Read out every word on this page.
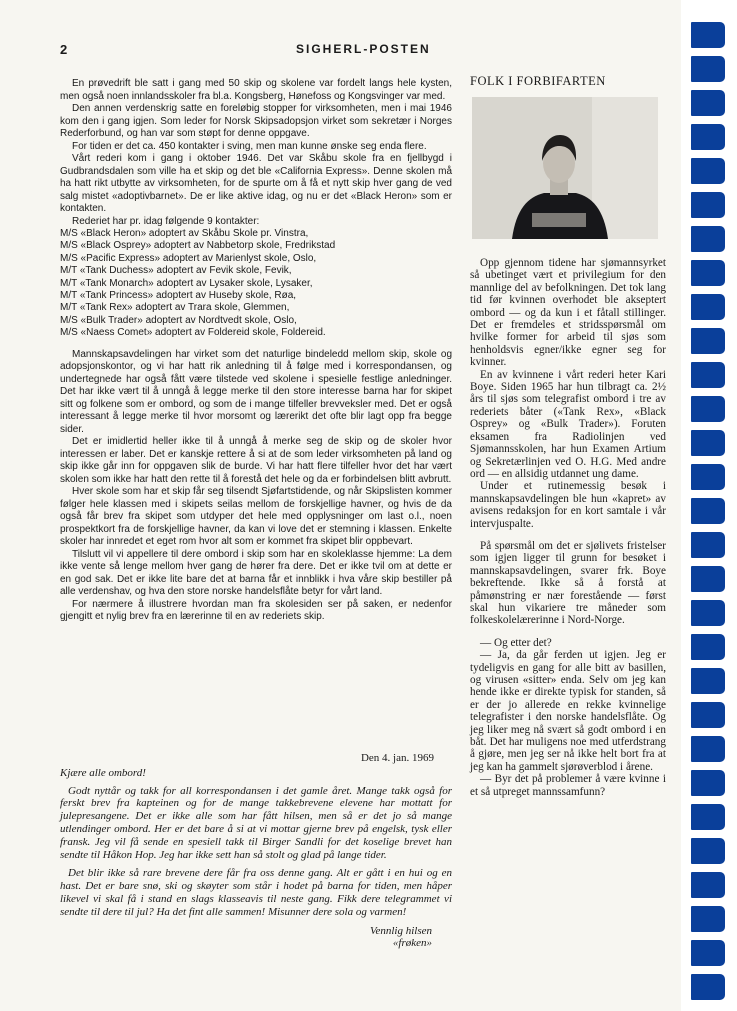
2	SIGHERL-POSTEN

En prøvedrift ble satt i gang med 50 skip og skolene var fordelt langs hele kysten, men også noen innlandsskoler fra bl.a. Kongsberg, Hønefoss og Kongsvinger var med.

Den annen verdenskrig satte en foreløbig stopper for virksomheten, men i mai 1946 kom den i gang igjen. Som leder for Norsk Skipsadopsjon virket som sekretær i Norges Rederforbund, og han var som støpt for denne oppgave.

For tiden er det ca. 450 kontakter i sving, men man kunne ønske seg enda flere.

Vårt rederi kom i gang i oktober 1946. Det var Skåbu skole fra en fjellbygd i Gudbrandsdalen som ville ha et skip og det ble «California Express». Denne skolen må ha hatt rikt utbytte av virksomheten, for de spurte om å få et nytt skip hver gang de ved salg mistet «adoptivbarnet». De er like aktive idag, og nu er det «Black Heron» som er kontakten.

Rederiet har pr. idag følgende 9 kontakter:

M/S «Black Heron» adoptert av Skåbu Skole pr. Vinstra,
M/S «Black Osprey» adoptert av Nabbetorp skole, Fredrikstad
M/S «Pacific Express» adoptert av Marienlyst skole, Oslo,
M/T «Tank Duchess» adoptert av Fevik skole, Fevik,
M/T «Tank Monarch» adoptert av Lysaker skole, Lysaker,
M/T «Tank Princess» adoptert av Huseby skole, Røa,
M/T «Tank Rex» adoptert av Trara skole, Glemmen,
M/S «Bulk Trader» adoptert av Nordtvedt skole, Oslo,
M/S «Naess Comet» adoptert av Foldereid skole, Foldereid.

Mannskapsavdelingen har virket som det naturlige bindeledd mellom skip, skole og adopsjonskontor, og vi har hatt rik anledning til å følge med i korrespondansen, og undertegnede har også fått være tilstede ved skolene i spesielle festlige anledninger. Det har ikke vært til å unngå å legge merke til den store interesse barna har for skipet sitt og folkene som er ombord, og som de i mange tilfeller brevveksler med. Det er også interessant å legge merke til hvor morsomt og lærerikt det ofte blir lagt opp fra begge sider.

Det er imidlertid heller ikke til å unngå å merke seg de skip og de skoler hvor interessen er laber. Det er kanskje rettere å si at de som leder virksomheten på land og skip ikke går inn for oppgaven slik de burde. Vi har hatt flere tilfeller hvor det har vært skolen som ikke har hatt den rette til å forestå det hele og da er forbindelsen blitt avbrutt.

Hver skole som har et skip får seg tilsendt Sjøfartstidende, og når Skipslisten kommer følger hele klassen med i skipets seilas mellom de forskjellige havner, og hvis de da også får brev fra skipet som utdyper det hele med opplysninger om last o.l., noen prospektkort fra de forskjellige havner, da kan vi love det er stemning i klassen. Enkelte skoler har innredet et eget rom hvor alt som er kommet fra skipet blir oppbevart.

Tilslutt vil vi appellere til dere ombord i skip som har en skoleklasse hjemme: La dem ikke vente så lenge mellom hver gang de hører fra dere. Det er ikke tvil om at dette er en god sak. Det er ikke lite bare det at barna får et innblikk i hva våre skip bestiller på alle verdenshav, og hva den store norske handelsflåte betyr for vårt land.

For nærmere å illustrere hvordan man fra skolesiden ser på saken, er nedenfor gjengitt et nylig brev fra en lærerinne til en av rederiets skip.

Den 4. jan. 1969
Kjære alle ombord!

Godt nyttår og takk for all korrespondansen i det gamle året. Mange takk også for ferskt brev fra kapteinen og for de mange takkebrevene elevene har mottatt for julepresangene. Det er ikke alle som har fått hilsen, men så er det jo så mange utlendinger ombord. Her er det bare å si at vi mottar gjerne brev på engelsk, tysk eller fransk. Jeg vil få sende en spesiell takk til Birger Sandli for det koselige brevet han sendte til Håkon Hop. Jeg har ikke sett han så stolt og glad på lange tider.

Det blir ikke så rare brevene dere får fra oss denne gang. Alt er gått i en hui og en hast. Det er bare snø, ski og skøyter som står i hodet på barna for tiden, men håper likevel vi skal få i stand en slags klasseavis til neste gang. Fikk dere telegrammet vi sendte til dere til jul? Ha det fint alle sammen! Misunner dere sola og varmen!

Vennlig hilsen
«frøken»
FOLK I FORBIFARTEN

Opp gjennom tidene har sjømannsyrket så ubetinget vært et privilegium for den mannlige del av befolkningen. Det tok lang tid før kvinnen overhodet ble akseptert ombord — og da kun i et fåtall stillinger. Det er fremdeles et stridsspørsmål om hvilke former for arbeid til sjøs som henholdsvis egner/ikke egner seg for kvinner.

En av kvinnene i vårt rederi heter Kari Boye. Siden 1965 har hun tilbragt ca. 2½ års til sjøs som telegrafist ombord i tre av rederiets båter («Tank Rex», «Black Osprey» og «Bulk Trader»). Foruten eksamen fra Radiolinjen ved Sjømannsskolen, har hun Examen Artium og Sekretærlinjen ved O. H.G. Med andre ord — en allsidig utdannet ung dame.

Under et rutinemessig besøk i mannskapsavdelingen ble hun «kapret» av avisens redaksjon for en kort samtale i vår intervjuspalte.

På spørsmål om det er sjølivets fristelser som igjen ligger til grunn for besøket i mannskapsavdelingen, svarer frk. Boye bekreftende. Ikke så å forstå at påmønstring er nær forestående — først skal hun vikariere tre måneder som folkeskolelærerinne i Nord-Norge.

— Og etter det?

— Ja, da går ferden ut igjen. Jeg er tydeligvis en gang for alle bitt av basillen, og virusen «sitter» enda. Selv om jeg kan hende ikke er direkte typisk for standen, så er der jo allerede en rekke kvinnelige telegrafister i den norske handelsflåte. Og jeg liker meg nå svært så godt ombord i en båt. Det har muligens noe med utferdstrang å gjøre, men jeg ser nå ikke helt bort fra at jeg kan ha gammelt sjørøverblod i årene.

— Byr det på problemer å være kvinne i et så utpreget mannssamfunn?
